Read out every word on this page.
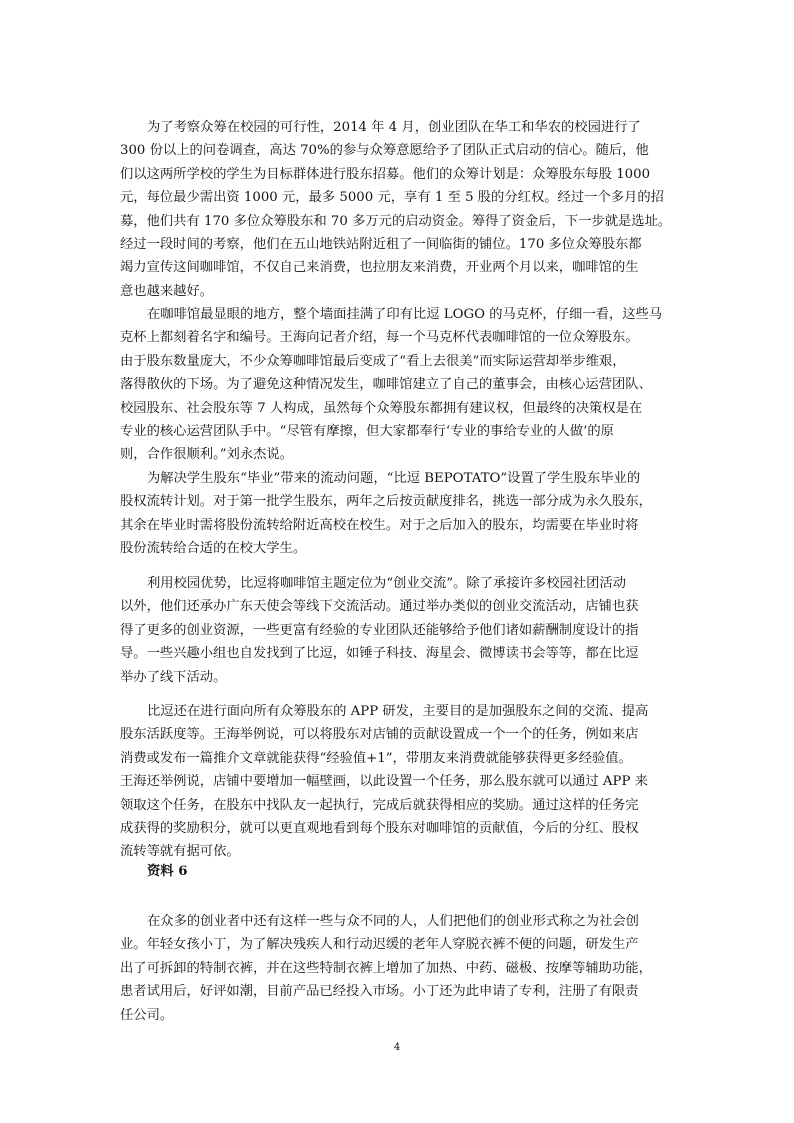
为了考察众筹在校园的可行性，2014 年 4 月，创业团队在华工和华农的校园进行了
300 份以上的问卷调查，高达 70%的参与众筹意愿给予了团队正式启动的信心。随后，他
们以这两所学校的学生为目标群体进行股东招募。他们的众筹计划是：众筹股东每股 1000
元，每位最少需出资 1000 元，最多 5000 元，享有 1 至 5 股的分红权。经过一个多月的招
募，他们共有 170 多位众筹股东和 70 多万元的启动资金。筹得了资金后，下一步就是选址。
经过一段时间的考察，他们在五山地铁站附近租了一间临街的铺位。170 多位众筹股东都
竭力宣传这间咖啡馆，不仅自己来消费，也拉朋友来消费，开业两个月以来，咖啡馆的生
意也越来越好。

在咖啡馆最显眼的地方，整个墙面挂满了印有比逗 LOGO 的马克杯，仔细一看，这些马
克杯上都刻着名字和编号。王海向记者介绍，每一个马克杯代表咖啡馆的一位众筹股东。
由于股东数量庞大，不少众筹咖啡馆最后变成了“看上去很美”而实际运营却举步维艰，
落得散伙的下场。为了避免这种情况发生，咖啡馆建立了自己的董事会，由核心运营团队、
校园股东、社会股东等 7 人构成，虽然每个众筹股东都拥有建议权，但最终的决策权是在
专业的核心运营团队手中。“尽管有摩擦，但大家都奉行‘专业的事给专业的人做’的原
则，合作很顺利。”刘永杰说。

为解决学生股东“毕业”带来的流动问题，“比逗 BEPOTATO”设置了学生股东毕业的
股权流转计划。对于第一批学生股东，两年之后按贡献度排名，挑选一部分成为永久股东，
其余在毕业时需将股份流转给附近高校在校生。对于之后加入的股东，均需要在毕业时将
股份流转给合适的在校大学生。

利用校园优势，比逗将咖啡馆主题定位为“创业交流”。除了承接许多校园社团活动
以外，他们还承办广东天使会等线下交流活动。通过举办类似的创业交流活动，店铺也获
得了更多的创业资源，一些更富有经验的专业团队还能够给予他们诸如薪酬制度设计的指
导。一些兴趣小组也自发找到了比逗，如锤子科技、海星会、微博读书会等等，都在比逗
举办了线下活动。

比逗还在进行面向所有众筹股东的 APP 研发，主要目的是加强股东之间的交流、提高
股东活跃度等。王海举例说，可以将股东对店铺的贡献设置成一个一个的任务，例如来店
消费或发布一篇推介文章就能获得“经验值+1”，带朋友来消费就能够获得更多经验值。
王海还举例说，店铺中要增加一幅壁画，以此设置一个任务，那么股东就可以通过 APP 来
领取这个任务，在股东中找队友一起执行，完成后就获得相应的奖励。通过这样的任务完
成获得的奖励积分，就可以更直观地看到每个股东对咖啡馆的贡献值，今后的分红、股权
流转等就有据可依。

资料 6

在众多的创业者中还有这样一些与众不同的人，人们把他们的创业形式称之为社会创
业。年轻女孩小丁，为了解决残疾人和行动迟缓的老年人穿脱衣裤不便的问题，研发生产
出了可拆卸的特制衣裤，并在这些特制衣裤上增加了加热、中药、磁极、按摩等辅助功能，
患者试用后，好评如潮，目前产品已经投入市场。小丁还为此申请了专利，注册了有限责
任公司。

4
